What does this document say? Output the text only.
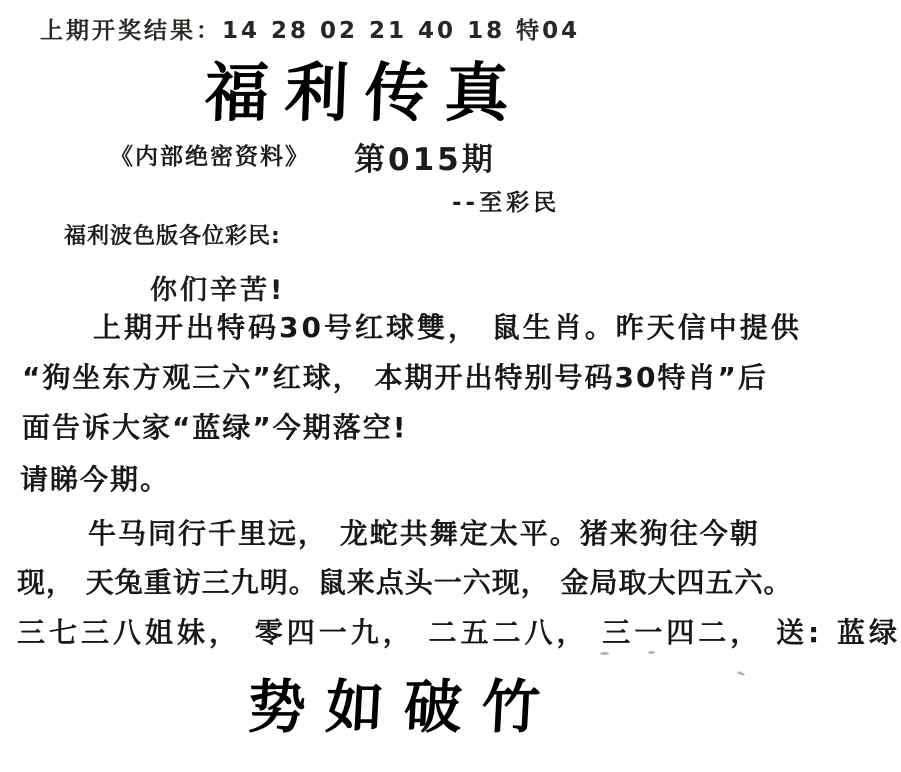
上期开奖结果：14 28 02 21 40 18 特04
福利传真
《内部绝密资料》 第015期
--至彩民
福利波色版各位彩民:
你们辛苦!
上期开出特码30号红球雙， 鼠生肖。昨天信中提供
“狗坐东方观三六”红球， 本期开出特别号码30特肖”后
面告诉大家“蓝绿”今期落空!
请睇今期。
牛马同行千里远， 龙蛇共舞定太平。猪来狗往今朝
现， 天兔重访三九明。鼠来点头一六现， 金局取大四五六。
三七三八姐妹， 零四一九， 二五二八， 三一四二， 送: 蓝绿
势如破竹
